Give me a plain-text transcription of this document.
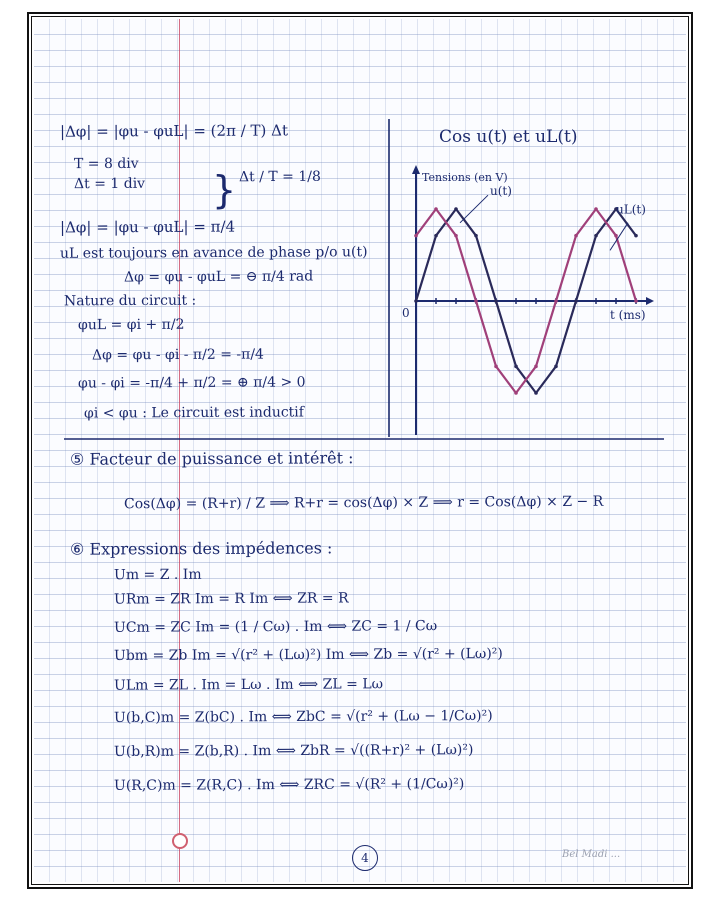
|Δφ| = |φu - φuL| = (2π / T) Δt
T = 8 div
Δt = 1 div } Δt / T = 1/8
|Δφ| = |φu - φuL| = π/4
uL est toujours en avance de phase p/o u(t)
Δφ = φu - φuL = ⊖ π/4 rad
Nature du circuit :
φuL = φi + π/2
Δφ = φu - φi - π/2 = -π/4
φu - φi = -π/4 + π/2 = ⊕ π/4 > 0
φi < φu : Le circuit est inductif
Cos u(t) et uL(t)
Tensions (en V)
t (ms)
0
u(t)
uL(t)
⑤ Facteur de puissance et intérêt :
Cos(Δφ) = (R+r) / Z ⟹ R+r = cos(Δφ) × Z ⟹ r = Cos(Δφ) × Z − R
⑥ Expressions des impédences :
Um = Z . Im
URm = ZR Im = R Im ⟺ ZR = R
UCm = ZC Im = (1 / Cω) . Im ⟺ ZC = 1 / Cω
Ubm = Zb Im = √(r² + (Lω)²) Im ⟺ Zb = √(r² + (Lω)²)
ULm = ZL . Im = Lω . Im ⟺ ZL = Lω
U(b,C)m = Z(bC) . Im ⟺ ZbC = √(r² + (Lω − 1/Cω)²)
U(b,R)m = Z(b,R) . Im ⟺ ZbR = √((R+r)² + (Lω)²)
U(R,C)m = Z(R,C) . Im ⟺ ZRC = √(R² + (1/Cω)²)
4	Bel Madi ...
